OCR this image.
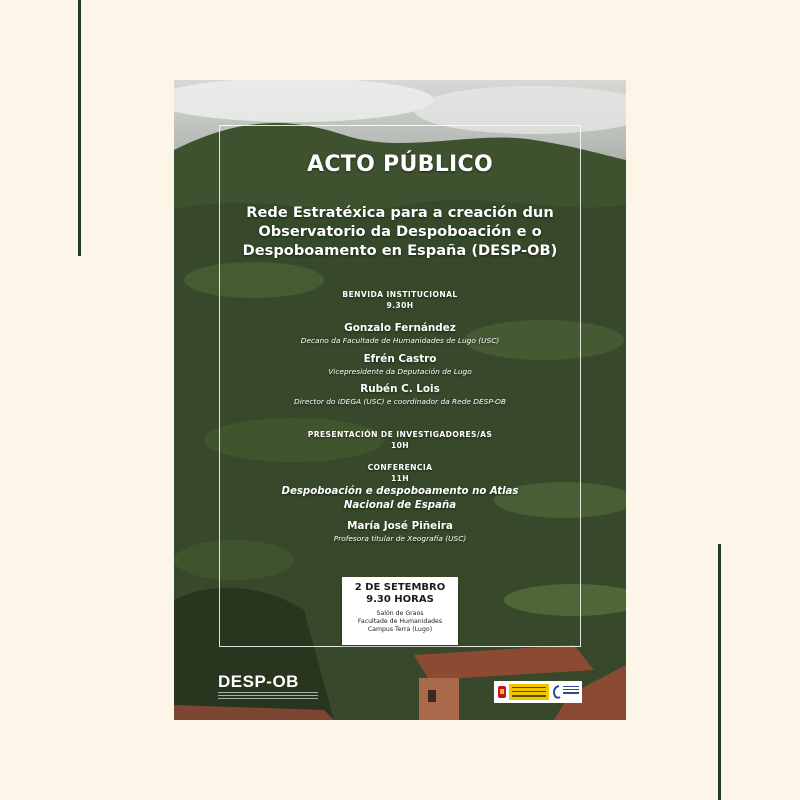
ACTO PÚBLICO
Rede Estratéxica para a creación dun
Observatorio da Despoboación e o
Despoboamento en España (DESP-OB)
BENVIDA INSTITUCIONAL
9.30H
Gonzalo Fernández
Decano da Facultade de Humanidades de Lugo (USC)
Efrén Castro
Vicepresidente da Deputación de Lugo
Rubén C. Lois
Director do IDEGA (USC) e coordinador da Rede DESP-OB
PRESENTACIÓN DE INVESTIGADORES/AS
10H
CONFERENCIA
11H
Despoboación e despoboamento no Atlas
Nacional de España
María José Piñeira
Profesora titular de Xeografía (USC)
2 DE SETEMBRO
9.30 HORAS
Salón de Graos
Facultade de Humanidades
Campus Terra (Lugo)
DESP-OB
